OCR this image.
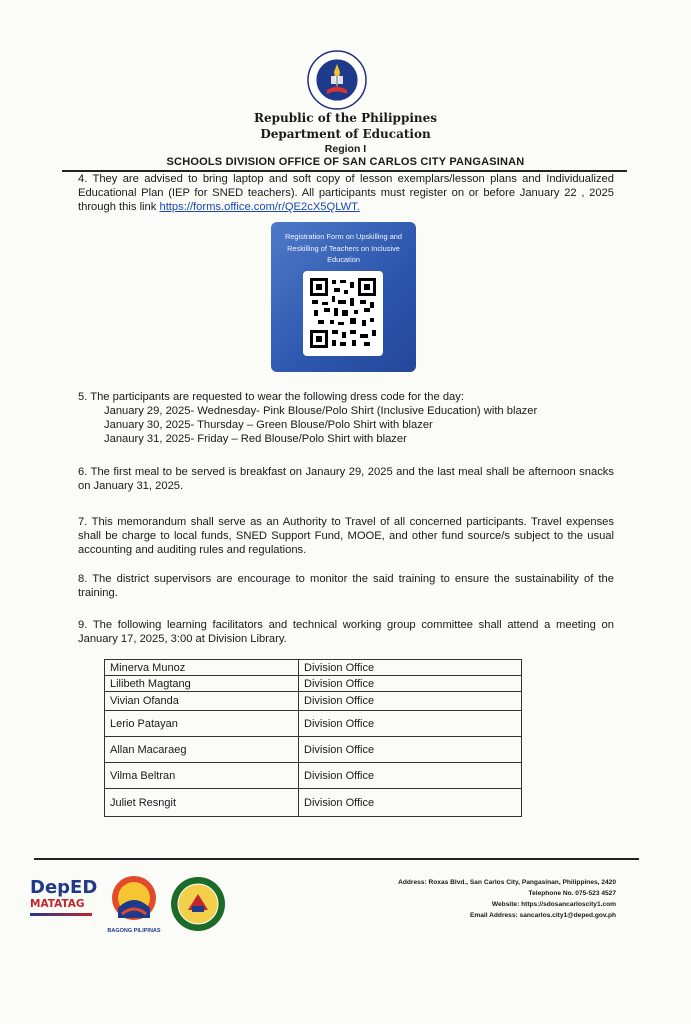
Republic of the Philippines
Department of Education
Region I
SCHOOLS DIVISION OFFICE OF SAN CARLOS CITY PANGASINAN
4. They are advised to bring laptop and soft copy of lesson exemplars/lesson plans and Individualized Educational Plan (IEP for SNED teachers). All participants must register on or before January 22 , 2025 through this link https://forms.office.com/r/QE2cX5QLWT.
Registration Form on Upskilling and Reskilling of Teachers on Inclusive Education
5. The participants are requested to wear the following dress code for the day:
January 29, 2025- Wednesday- Pink Blouse/Polo Shirt (Inclusive Education) with blazer
January 30, 2025- Thursday – Green Blouse/Polo Shirt with blazer
Janaury 31, 2025- Friday – Red Blouse/Polo Shirt with blazer
6. The first meal to be served is breakfast on Janaury 29, 2025 and the last meal shall be afternoon snacks on January 31, 2025.
7. This memorandum shall serve as an Authority to Travel of all concerned participants. Travel expenses shall be charge to local funds, SNED Support Fund, MOOE, and other fund source/s subject to the usual accounting and auditing rules and regulations.
8. The district supervisors are encourage to monitor the said training to ensure the sustainability of the training.
9. The following learning facilitators and technical working group committee shall attend a meeting on January 17, 2025, 3:00 at Division Library.
Minerva Munoz	Division Office
Lilibeth Magtang	Division Office
Vivian Ofanda	Division Office
Lerio Patayan	Division Office
Allan Macaraeg	Division Office
Vilma Beltran	Division Office
Juliet Resngit	Division Office
DepED
MATATAG
BAGONG PILIPINAS
Address: Roxas Blvd., San Carlos City, Pangasinan, Philippines, 2420
Telephone No. 075-523 4527
Website: https://sdosancarloscity1.com
Email Address: sancarlos.city1@deped.gov.ph
